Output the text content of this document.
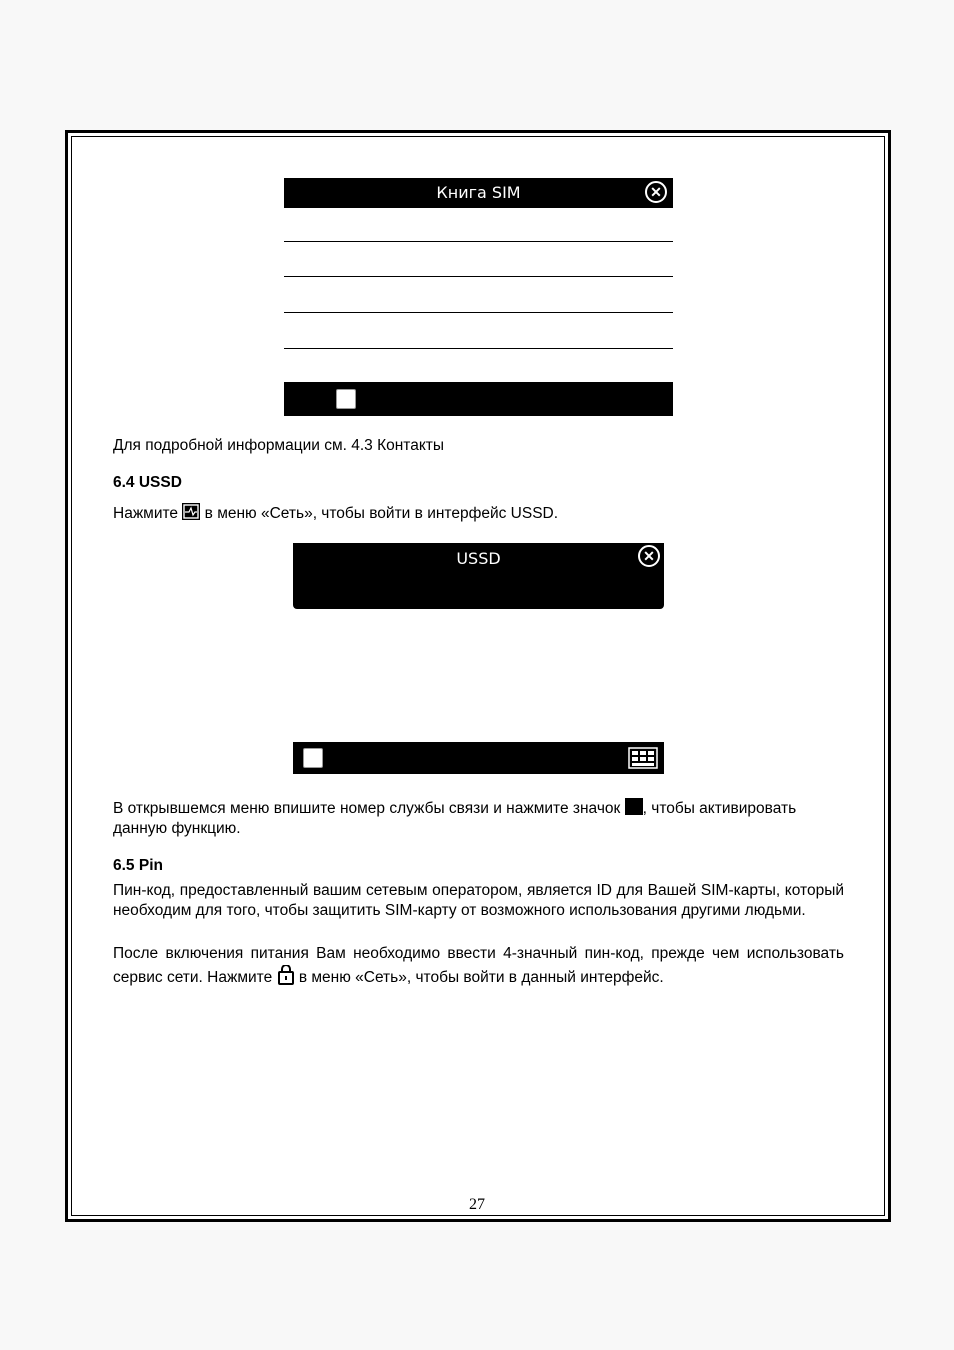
Книга SIM	✕
Для подробной информации см. 4.3 Контакты
6.4 USSD
Нажмите
в меню «Сеть», чтобы войти в интерфейс USSD.
USSD	✕
В открывшемся меню впишите номер службы связи и нажмите значок , чтобы активировать данную функцию.
6.5 Pin
Пин-код, предоставленный вашим сетевым оператором, является ID для Вашей SIM-карты, который необходим для того, чтобы защитить SIM-карту от возможного использования другими людьми.
После включения питания Вам необходимо ввести 4-значный пин-код, прежде чем использовать сервис сети. Нажмите
в меню «Сеть», чтобы войти в данный интерфейс.
27
